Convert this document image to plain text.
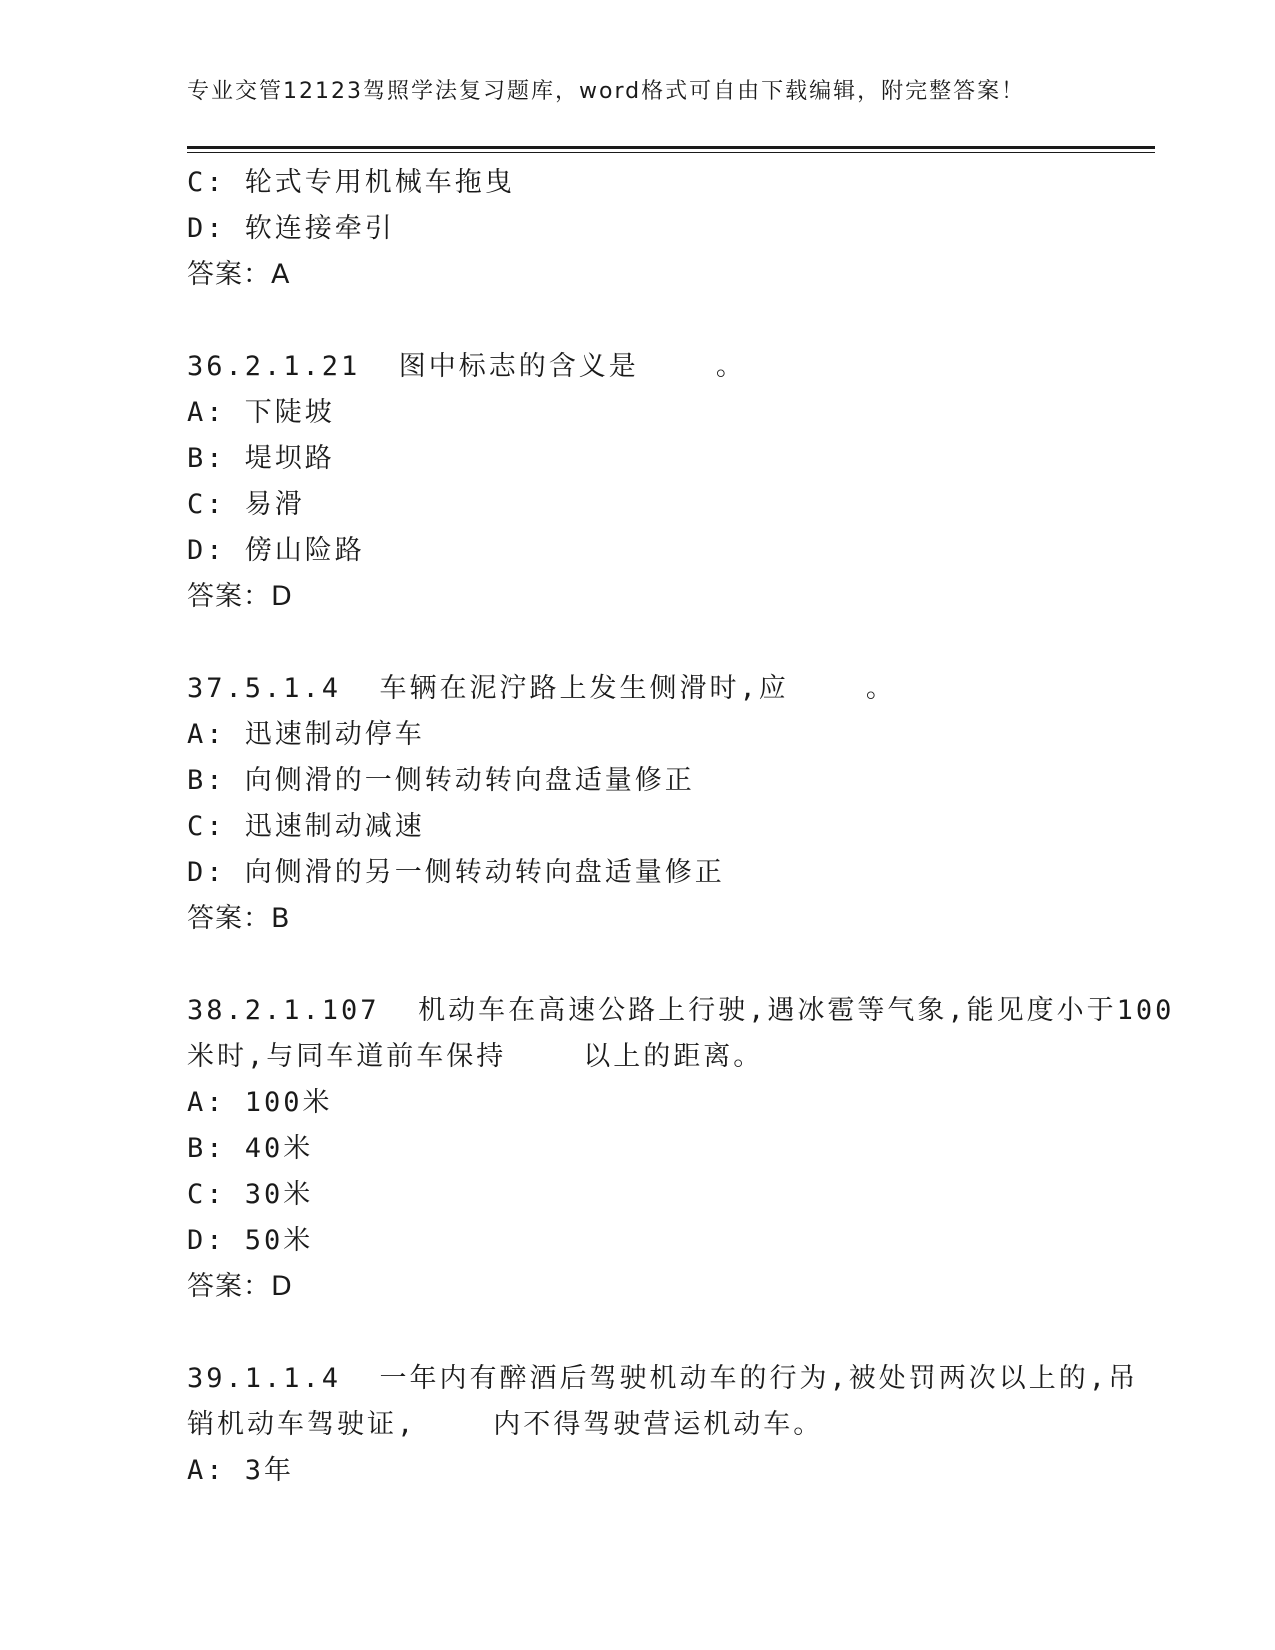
专业交管12123驾照学法复习题库，word格式可自由下载编辑，附完整答案！
C: 轮式专用机械车拖曳
D: 软连接牵引
答案：A
36.2.1.21  图中标志的含义是    。
A: 下陡坡
B: 堤坝路
C: 易滑
D: 傍山险路
答案：D
37.5.1.4  车辆在泥泞路上发生侧滑时,应    。
A: 迅速制动停车
B: 向侧滑的一侧转动转向盘适量修正
C: 迅速制动减速
D: 向侧滑的另一侧转动转向盘适量修正
答案：B
38.2.1.107  机动车在高速公路上行驶,遇冰雹等气象,能见度小于100
米时,与同车道前车保持    以上的距离。
A: 100米
B: 40米
C: 30米
D: 50米
答案：D
39.1.1.4  一年内有醉酒后驾驶机动车的行为,被处罚两次以上的,吊
销机动车驾驶证,    内不得驾驶营运机动车。
A: 3年
